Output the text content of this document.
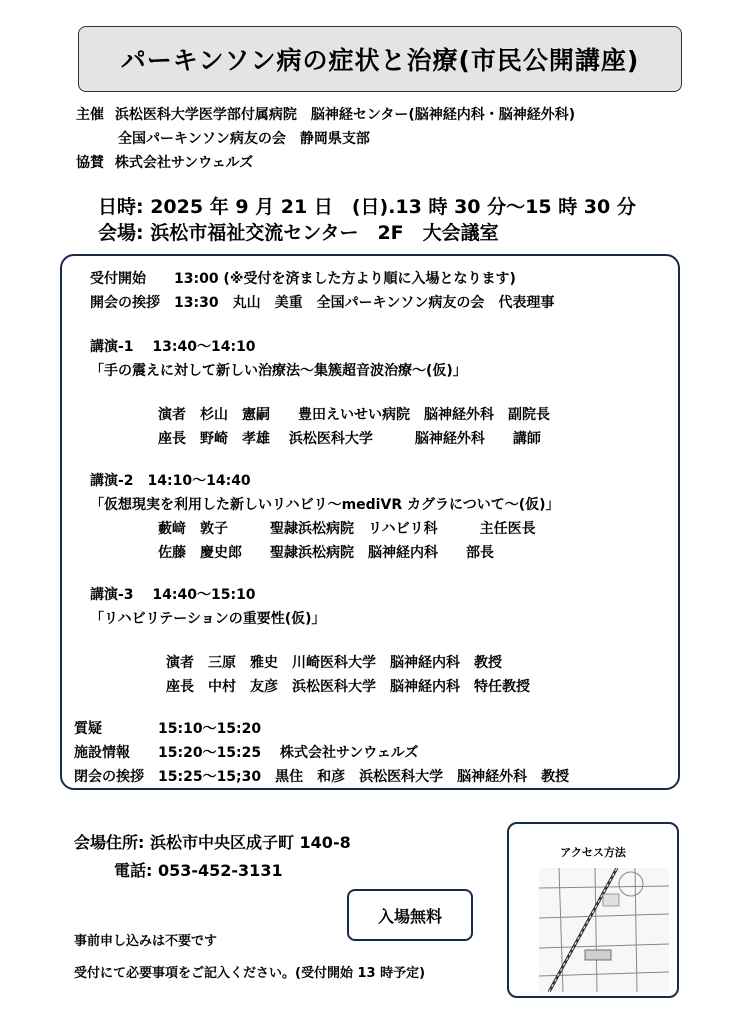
パーキンソン病の症状と治療(市民公開講座)
主催 浜松医科大学医学部付属病院　脳神経センター(脳神経内科・脳神経外科)
全国パーキンソン病友の会　静岡県支部
協賛 株式会社サンウェルズ
日時: 2025 年 9 月 21 日　(日).13 時 30 分～15 時 30 分
会場: 浜松市福祉交流センター　2F　大会議室
受付開始　　13:00 (※受付を済ました方より順に入場となります)
開会の挨拶　13:30　丸山　美重　全国パーキンソン病友の会　代表理事
講演-1　 13:40～14:10
「手の震えに対して新しい治療法～集簇超音波治療～(仮)」
演者　杉山　憲嗣　　豊田えいせい病院　脳神経外科　副院長
座長　野崎　孝雄　 浜松医科大学　　　脳神経外科　　講師
講演-2　14:10～14:40
「仮想現実を利用した新しいリハビリ～mediVR カグラについて～(仮)」
藪﨑　敦子　　　聖隷浜松病院　リハビリ科　　　主任医長
佐藤　慶史郎　　聖隷浜松病院　脳神経内科　　部長
講演-3　 14:40～15:10
「リハビリテーションの重要性(仮)」
演者　三原　雅史　川崎医科大学　脳神経内科　教授
座長　中村　友彦　浜松医科大学　脳神経内科　特任教授
質疑　　　　15:10～15:20
施設情報　　15:20～15:25　 株式会社サンウェルズ
閉会の挨拶　15:25～15;30　黒住　和彦　浜松医科大学　脳神経外科　教授
会場住所: 浜松市中央区成子町 140-8
電話: 053-452-3131
入場無料
事前申し込みは不要です
受付にて必要事項をご記入ください。(受付開始 13 時予定)
アクセス方法
